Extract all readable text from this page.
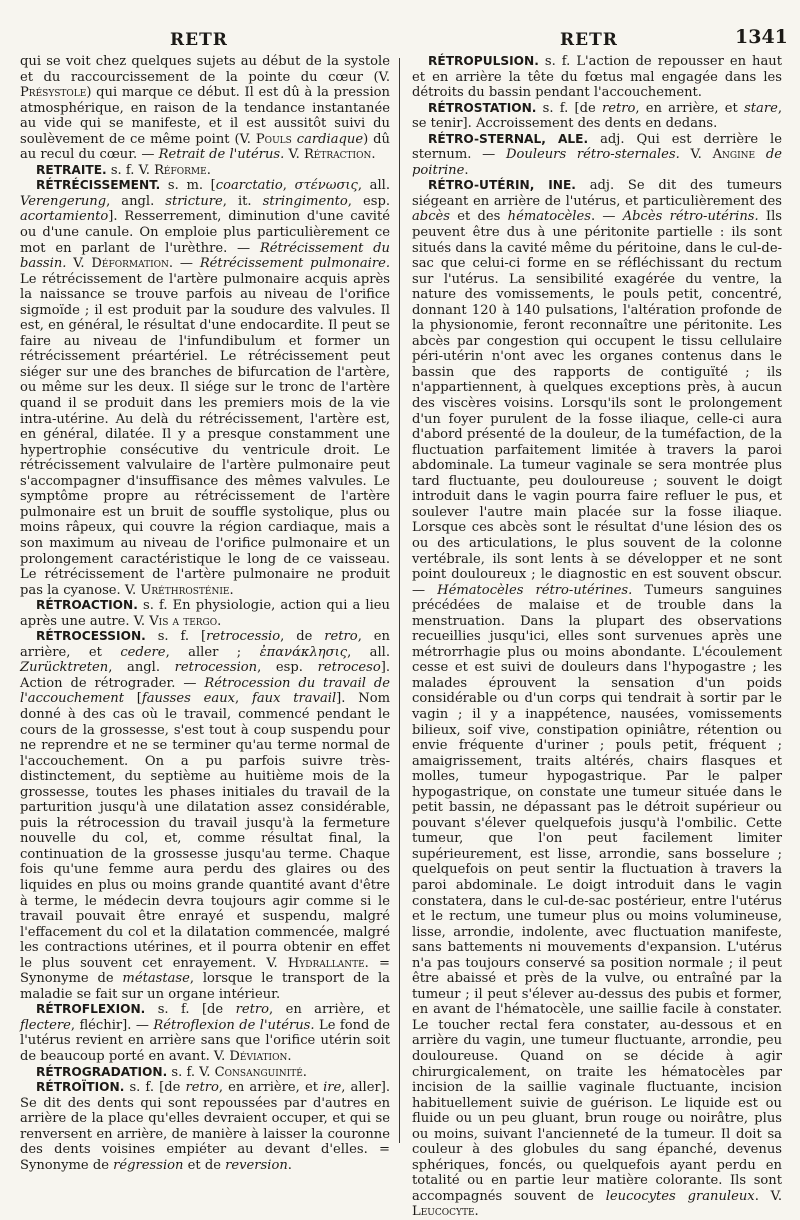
RETR	RETR	1341

qui se voit chez quelques sujets au début de la systole et du raccourcissement de la pointe du cœur (V. Présystole) qui marque ce début. Il est dû à la pression atmosphérique, en raison de la tendance instantanée au vide qui se manifeste, et il est aussitôt suivi du soulèvement de ce même point (V. Pouls cardiaque) dû au recul du cœur. — Retrait de l'utérus. V. Rétraction.

RETRAITE. s. f. V. Réforme.

RÉTRÉCISSEMENT. s. m. [coarctatio, στένωσις, all. Verengerung, angl. stricture, it. stringimento, esp. acortamiento]. Resserrement, diminution d'une cavité ou d'une canule. On emploie plus particulièrement ce mot en parlant de l'urèthre. — Rétrécissement du bassin. V. Déformation. — Rétrécissement pulmonaire. Le rétrécissement de l'artère pulmonaire acquis après la naissance se trouve parfois au niveau de l'orifice sigmoïde ; il est produit par la soudure des valvules. Il est, en général, le résultat d'une endocardite. Il peut se faire au niveau de l'infundibulum et former un rétrécissement préartériel. Le rétrécissement peut siéger sur une des branches de bifurcation de l'artère, ou même sur les deux. Il siége sur le tronc de l'artère quand il se produit dans les premiers mois de la vie intra-utérine. Au delà du rétrécissement, l'artère est, en général, dilatée. Il y a presque constamment une hypertrophie consécutive du ventricule droit. Le rétrécissement valvulaire de l'artère pulmonaire peut s'accompagner d'insuffisance des mêmes valvules. Le symptôme propre au rétrécissement de l'artère pulmonaire est un bruit de souffle systolique, plus ou moins râpeux, qui couvre la région cardiaque, mais a son maximum au niveau de l'orifice pulmonaire et un prolongement caractéristique le long de ce vaisseau. Le rétrécissement de l'artère pulmonaire ne produit pas la cyanose. V. Uréthrosténie.

RÉTROACTION. s. f. En physiologie, action qui a lieu après une autre. V. Vis a tergo.

RÉTROCESSION. s. f. [retrocessio, de retro, en arrière, et cedere, aller ; ἐπανάκλησις, all. Zurücktreten, angl. retrocession, esp. retroceso]. Action de rétrograder. — Rétrocession du travail de l'accouchement [fausses eaux, faux travail]. Nom donné à des cas où le travail, commencé pendant le cours de la grossesse, s'est tout à coup suspendu pour ne reprendre et ne se terminer qu'au terme normal de l'accouchement. On a pu parfois suivre très-distinctement, du septième au huitième mois de la grossesse, toutes les phases initiales du travail de la parturition jusqu'à une dilatation assez considérable, puis la rétrocession du travail jusqu'à la fermeture nouvelle du col, et, comme résultat final, la continuation de la grossesse jusqu'au terme. Chaque fois qu'une femme aura perdu des glaires ou des liquides en plus ou moins grande quantité avant d'être à terme, le médecin devra toujours agir comme si le travail pouvait être enrayé et suspendu, malgré l'effacement du col et la dilatation commencée, malgré les contractions utérines, et il pourra obtenir en effet le plus souvent cet enrayement. V. Hydrallante. = Synonyme de métastase, lorsque le transport de la maladie se fait sur un organe intérieur.

RÉTROFLEXION. s. f. [de retro, en arrière, et flectere, fléchir]. — Rétroflexion de l'utérus. Le fond de l'utérus revient en arrière sans que l'orifice utérin soit de beaucoup porté en avant. V. Déviation.

RÉTROGRADATION. s. f. V. Consanguinité.

RÉTROÏTION. s. f. [de retro, en arrière, et ire, aller]. Se dit des dents qui sont repoussées par d'autres en arrière de la place qu'elles devraient occuper, et qui se renversent en arrière, de manière à laisser la couronne des dents voisines empiéter au devant d'elles. = Synonyme de régression et de reversion.

RÉTROPULSION. s. f. L'action de repousser en haut et en arrière la tête du fœtus mal engagée dans les détroits du bassin pendant l'accouchement.

RÉTROSTATION. s. f. [de retro, en arrière, et stare, se tenir]. Accroissement des dents en dedans.

RÉTRO-STERNAL, ALE. adj. Qui est derrière le sternum. — Douleurs rétro-sternales. V. Angine de poitrine.

RÉTRO-UTÉRIN, INE. adj. Se dit des tumeurs siégeant en arrière de l'utérus, et particulièrement des abcès et des hématocèles. — Abcès rétro-utérins. Ils peuvent être dus à une péritonite partielle : ils sont situés dans la cavité même du péritoine, dans le cul-de-sac que celui-ci forme en se réfléchissant du rectum sur l'utérus. La sensibilité exagérée du ventre, la nature des vomissements, le pouls petit, concentré, donnant 120 à 140 pulsations, l'altération profonde de la physionomie, feront reconnaître une péritonite. Les abcès par congestion qui occupent le tissu cellulaire péri-utérin n'ont avec les organes contenus dans le bassin que des rapports de contiguïté ; ils n'appartiennent, à quelques exceptions près, à aucun des viscères voisins. Lorsqu'ils sont le prolongement d'un foyer purulent de la fosse iliaque, celle-ci aura d'abord présenté de la douleur, de la tuméfaction, de la fluctuation parfaitement limitée à travers la paroi abdominale. La tumeur vaginale se sera montrée plus tard fluctuante, peu douloureuse ; souvent le doigt introduit dans le vagin pourra faire refluer le pus, et soulever l'autre main placée sur la fosse iliaque. Lorsque ces abcès sont le résultat d'une lésion des os ou des articulations, le plus souvent de la colonne vertébrale, ils sont lents à se développer et ne sont point douloureux ; le diagnostic en est souvent obscur. — Hématocèles rétro-utérines. Tumeurs sanguines précédées de malaise et de trouble dans la menstruation. Dans la plupart des observations recueillies jusqu'ici, elles sont survenues après une métrorrhagie plus ou moins abondante. L'écoulement cesse et est suivi de douleurs dans l'hypogastre ; les malades éprouvent la sensation d'un poids considérable ou d'un corps qui tendrait à sortir par le vagin ; il y a inappétence, nausées, vomissements bilieux, soif vive, constipation opiniâtre, rétention ou envie fréquente d'uriner ; pouls petit, fréquent ; amaigrissement, traits altérés, chairs flasques et molles, tumeur hypogastrique. Par le palper hypogastrique, on constate une tumeur située dans le petit bassin, ne dépassant pas le détroit supérieur ou pouvant s'élever quelquefois jusqu'à l'ombilic. Cette tumeur, que l'on peut facilement limiter supérieurement, est lisse, arrondie, sans bosselure ; quelquefois on peut sentir la fluctuation à travers la paroi abdominale. Le doigt introduit dans le vagin constatera, dans le cul-de-sac postérieur, entre l'utérus et le rectum, une tumeur plus ou moins volumineuse, lisse, arrondie, indolente, avec fluctuation manifeste, sans battements ni mouvements d'expansion. L'utérus n'a pas toujours conservé sa position normale ; il peut être abaissé et près de la vulve, ou entraîné par la tumeur ; il peut s'élever au-dessus des pubis et former, en avant de l'hématocèle, une saillie facile à constater. Le toucher rectal fera constater, au-dessous et en arrière du vagin, une tumeur fluctuante, arrondie, peu douloureuse. Quand on se décide à agir chirurgicalement, on traite les hématocèles par incision de la saillie vaginale fluctuante, incision habituellement suivie de guérison. Le liquide est ou fluide ou un peu gluant, brun rouge ou noirâtre, plus ou moins, suivant l'ancienneté de la tumeur. Il doit sa couleur à des globules du sang épanché, devenus sphériques, foncés, ou quelquefois ayant perdu en totalité ou en partie leur matière colorante. Ils sont accompagnés souvent de leucocytes granuleux. V. Leucocyte.
